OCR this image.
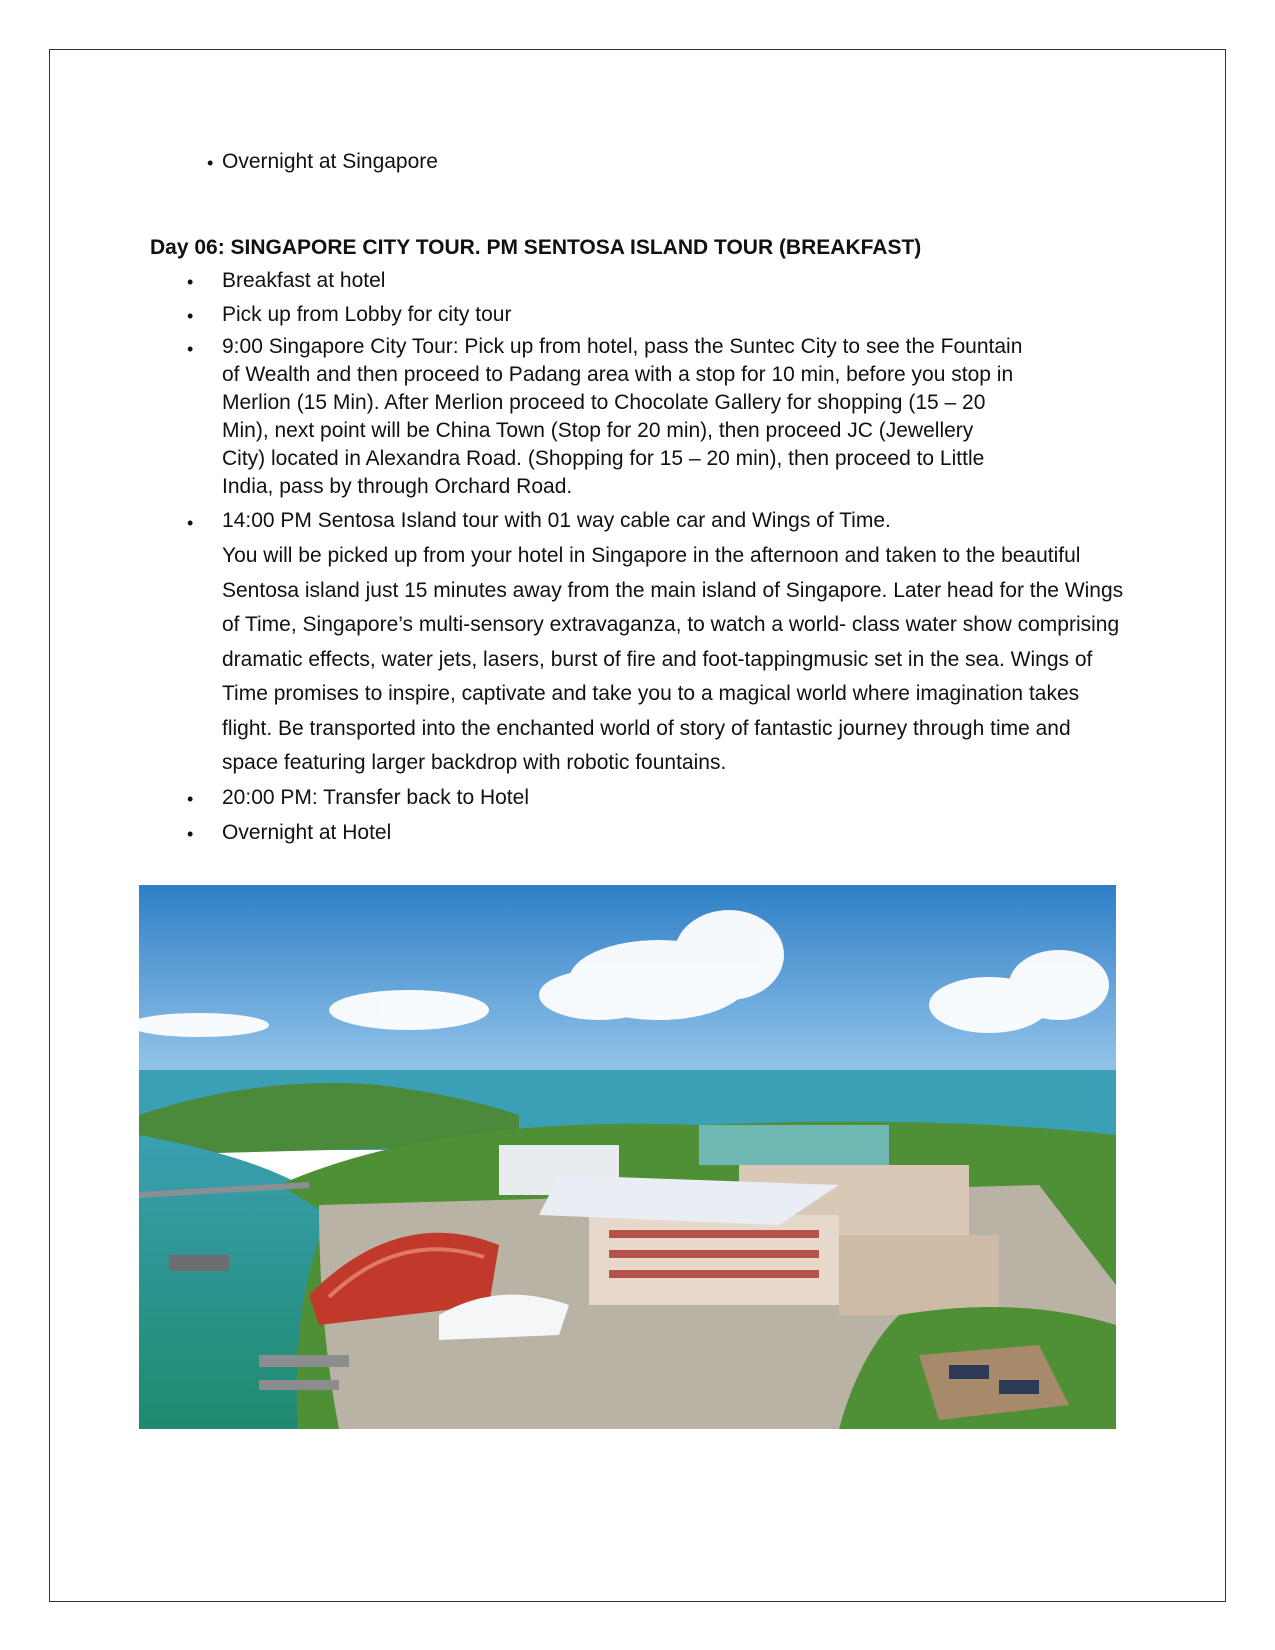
• Overnight at Singapore
Day 06: SINGAPORE CITY TOUR. PM SENTOSA ISLAND TOUR (BREAKFAST)
• Breakfast at hotel
• Pick up from Lobby for city tour
• 9:00 Singapore City Tour: Pick up from hotel, pass the Suntec City to see the Fountain
of Wealth and then proceed to Padang area with a stop for 10 min, before you stop in
Merlion (15 Min). After Merlion proceed to Chocolate Gallery for shopping (15 – 20
Min), next point will be China Town (Stop for 20 min), then proceed JC (Jewellery
City) located in Alexandra Road. (Shopping for 15 – 20 min), then proceed to Little
India, pass by through Orchard Road.
• 14:00 PM Sentosa Island tour with 01 way cable car and Wings of Time.
You will be picked up from your hotel in Singapore in the afternoon and taken to the beautiful
Sentosa island just 15 minutes away from the main island of Singapore. Later head for the Wings
of Time, Singapore’s multi-sensory extravaganza, to watch a world- class water show comprising
dramatic effects, water jets, lasers, burst of fire and foot-tappingmusic set in the sea. Wings of
Time promises to inspire, captivate and take you to a magical world where imagination takes
flight. Be transported into the enchanted world of story of fantastic journey through time and
space featuring larger backdrop with robotic fountains.
• 20:00 PM: Transfer back to Hotel
• Overnight at Hotel
